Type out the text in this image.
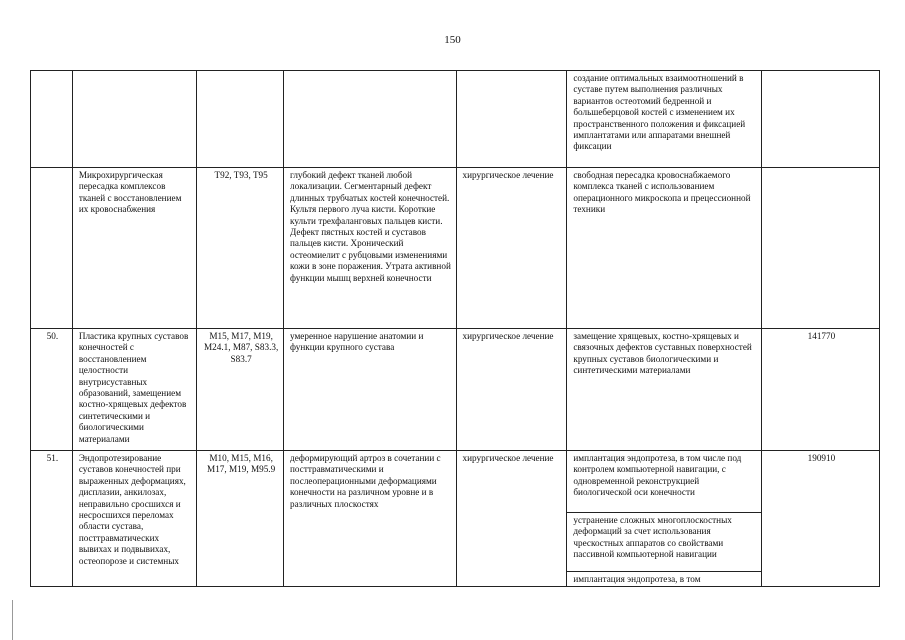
150
					создание оптимальных взаимоотношений в суставе путем выполнения различных вариантов остеотомий бедренной и большеберцовой костей с изменением их пространственного положения и фиксацией имплантатами или аппаратами внешней фиксации	
	Микрохирургическая пересадка комплексов тканей с восстановлением их кровоснабжения	T92, T93, T95	глубокий дефект тканей любой локализации. Сегментарный дефект длинных трубчатых костей конечностей. Культя первого луча кисти. Короткие культи трехфаланговых пальцев кисти. Дефект пястных костей и суставов пальцев кисти. Хронический остеомиелит с рубцовыми изменениями кожи в зоне поражения. Утрата активной функции мышц верхней конечности	хирургическое лечение	свободная пересадка кровоснабжаемого комплекса тканей с использованием операционного микроскопа и прецессионной техники	
50.	Пластика крупных суставов конечностей с восстановлением целостности внутрисуставных образований, замещением костно-хрящевых дефектов синтетическими и биологическими материалами	M15, M17, M19, M24.1, M87, S83.3, S83.7	умеренное нарушение анатомии и функции крупного сустава	хирургическое лечение	замещение хрящевых, костно-хрящевых и связочных дефектов суставных поверхностей крупных суставов биологическими и синтетическими материалами	141770
51.	Эндопротезирование суставов конечностей при выраженных деформациях, дисплазии, анкилозах, неправильно сросшихся и несросшихся переломах области сустава, посттравматических вывихах и подвывихах, остеопорозе и системных	M10, M15, M16, M17, M19, M95.9	деформирующий артроз в сочетании с посттравматическими и послеоперационными деформациями конечности на различном уровне и в различных плоскостях	хирургическое лечение	имплантация эндопротеза, в том числе под контролем компьютерной навигации, с одновременной реконструкцией биологической оси конечности	190910
					устранение сложных многоплоскостных деформаций за счет использования чрескостных аппаратов со свойствами пассивной компьютерной навигации	
					имплантация эндопротеза, в том	
